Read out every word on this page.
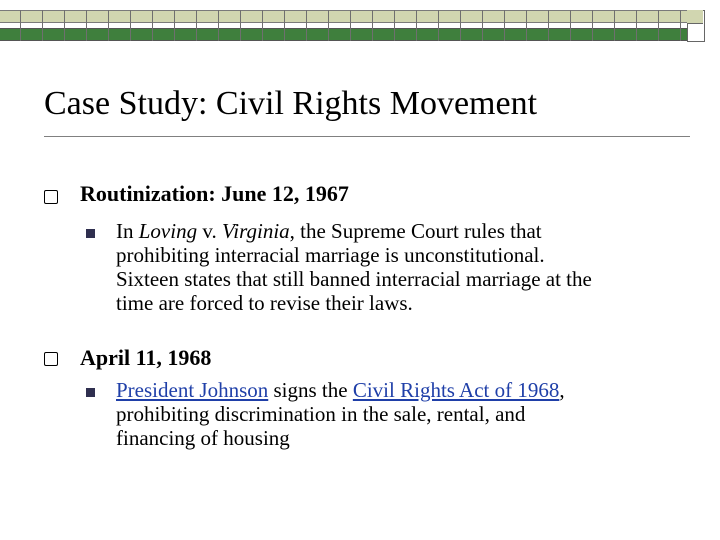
Case Study: Civil Rights Movement
Routinization: June 12, 1967
In Loving v. Virginia, the Supreme Court rules that
prohibiting interracial marriage is unconstitutional.
Sixteen states that still banned interracial marriage at the
time are forced to revise their laws.
April 11, 1968
President Johnson signs the Civil Rights Act of 1968,
prohibiting discrimination in the sale, rental, and
financing of housing
